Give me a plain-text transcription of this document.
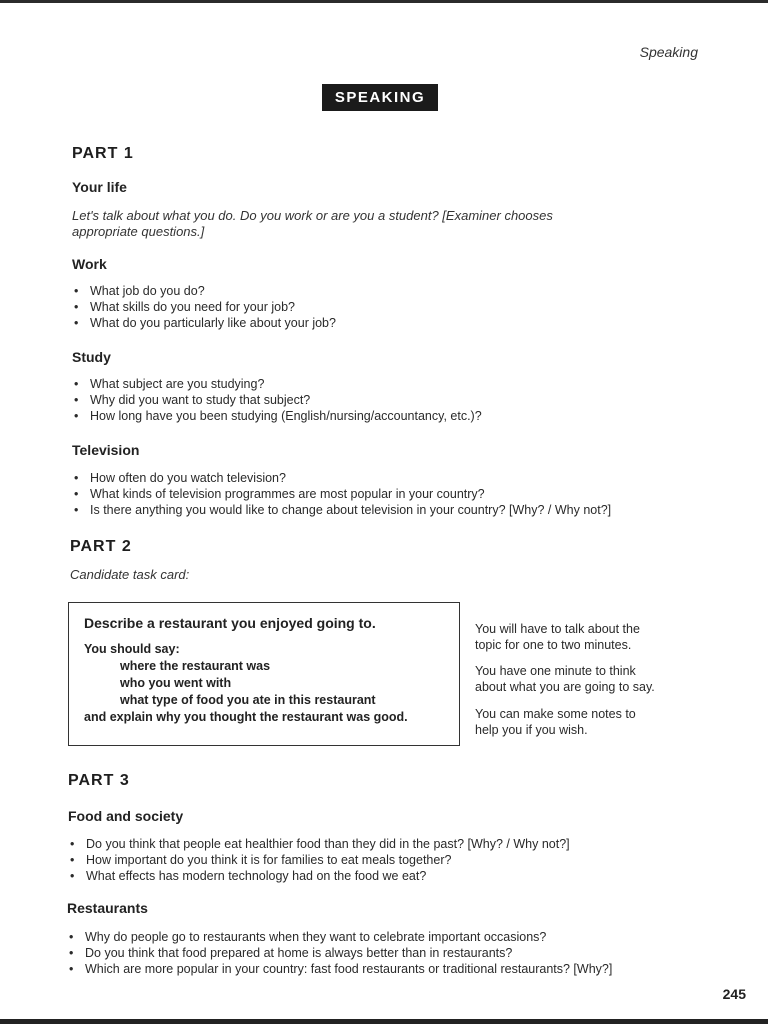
Speaking
SPEAKING
PART 1
Your life
Let's talk about what you do. Do you work or are you a student? [Examiner chooses
appropriate questions.]
Work
• What job do you do?
• What skills do you need for your job?
• What do you particularly like about your job?
Study
• What subject are you studying?
• Why did you want to study that subject?
• How long have you been studying (English/nursing/accountancy, etc.)?
Television
• How often do you watch television?
• What kinds of television programmes are most popular in your country?
• Is there anything you would like to change about television in your country? [Why? / Why not?]
PART 2
Candidate task card:
Describe a restaurant you enjoyed going to.
You should say:
where the restaurant was
who you went with
what type of food you ate in this restaurant
and explain why you thought the restaurant was good.
You will have to talk about the
topic for one to two minutes.
You have one minute to think
about what you are going to say.
You can make some notes to
help you if you wish.
PART 3
Food and society
• Do you think that people eat healthier food than they did in the past? [Why? / Why not?]
• How important do you think it is for families to eat meals together?
• What effects has modern technology had on the food we eat?
Restaurants
• Why do people go to restaurants when they want to celebrate important occasions?
• Do you think that food prepared at home is always better than in restaurants?
• Which are more popular in your country: fast food restaurants or traditional restaurants? [Why?]
245
